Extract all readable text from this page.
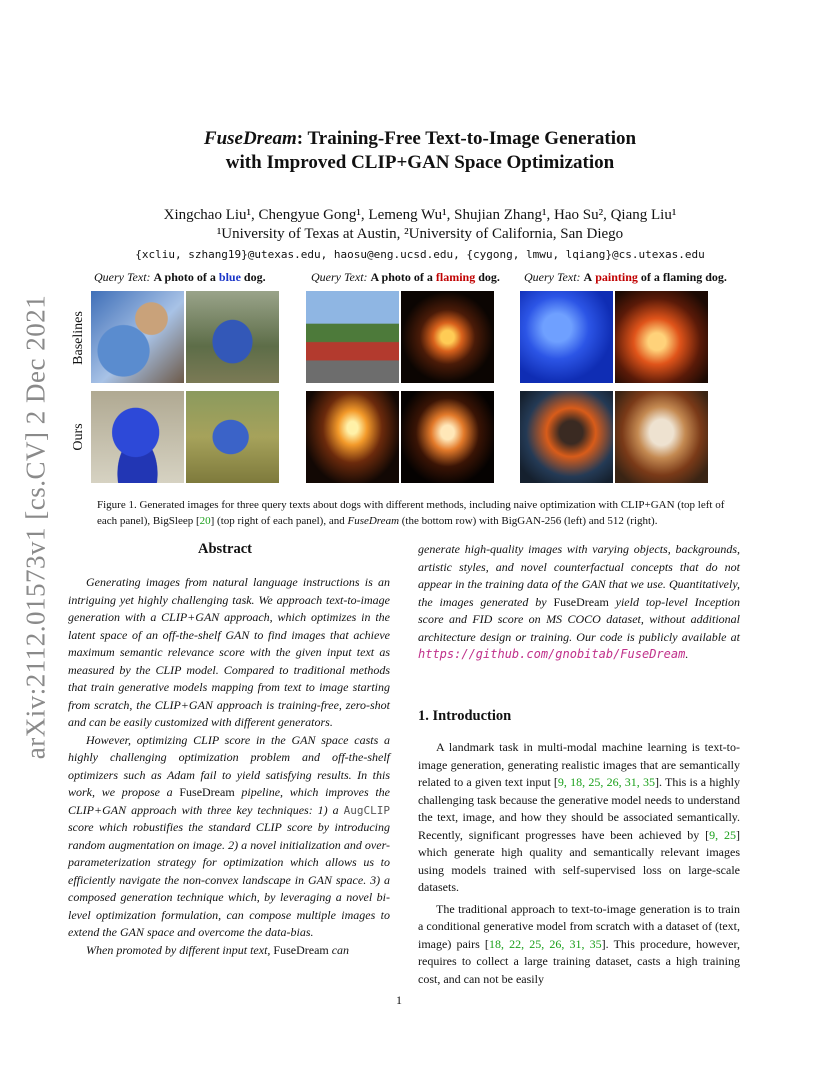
arXiv:2112.01573v1 [cs.CV] 2 Dec 2021
FuseDream: Training-Free Text-to-Image Generation
with Improved CLIP+GAN Space Optimization
Xingchao Liu¹, Chengyue Gong¹, Lemeng Wu¹, Shujian Zhang¹, Hao Su², Qiang Liu¹
¹University of Texas at Austin, ²University of California, San Diego
{xcliu, szhang19}@utexas.edu, haosu@eng.ucsd.edu, {cygong, lmwu, lqiang}@cs.utexas.edu
Query Text: A photo of a blue dog.	Query Text: A photo of a flaming dog. Query Text: A painting of a flaming dog.
Baselines
Ours
Figure 1. Generated images for three query texts about dogs with different methods, including naive optimization with CLIP+GAN (top left of each panel), BigSleep [20] (top right of each panel), and FuseDream (the bottom row) with BigGAN-256 (left) and 512 (right).
Abstract

Generating images from natural language instructions is an intriguing yet highly challenging task. We approach text-to-image generation with a CLIP+GAN approach, which optimizes in the latent space of an off-the-shelf GAN to find images that achieve maximum semantic relevance score with the given input text as measured by the CLIP model. Compared to traditional methods that train generative models mapping from text to image starting from scratch, the CLIP+GAN approach is training-free, zero-shot and can be easily customized with different generators.

However, optimizing CLIP score in the GAN space casts a highly challenging optimization problem and off-the-shelf optimizers such as Adam fail to yield satisfying results. In this work, we propose a FuseDream pipeline, which improves the CLIP+GAN approach with three key techniques: 1) a AugCLIP score which robustifies the standard CLIP score by introducing random augmentation on image. 2) a novel initialization and over-parameterization strategy for optimization which allows us to efficiently navigate the non-convex landscape in GAN space. 3) a composed generation technique which, by leveraging a novel bi-level optimization formulation, can compose multiple images to extend the GAN space and overcome the data-bias.

When promoted by different input text, FuseDream can

generate high-quality images with varying objects, backgrounds, artistic styles, and novel counterfactual concepts that do not appear in the training data of the GAN that we use. Quantitatively, the images generated by FuseDream yield top-level Inception score and FID score on MS COCO dataset, without additional architecture design or training. Our code is publicly available at https://github.com/gnobitab/FuseDream.

1. Introduction

A landmark task in multi-modal machine learning is text-to-image generation, generating realistic images that are semantically related to a given text input [9, 18, 25, 26, 31, 35]. This is a highly challenging task because the generative model needs to understand the text, image, and how they should be associated semantically. Recently, significant progresses have been achieved by [9, 25] which generate high quality and semantically relevant images using models trained with self-supervised loss on large-scale datasets.

The traditional approach to text-to-image generation is to train a conditional generative model from scratch with a dataset of (text, image) pairs [18, 22, 25, 26, 31, 35]. This procedure, however, requires to collect a large training dataset, casts a high training cost, and can not be easily

1
